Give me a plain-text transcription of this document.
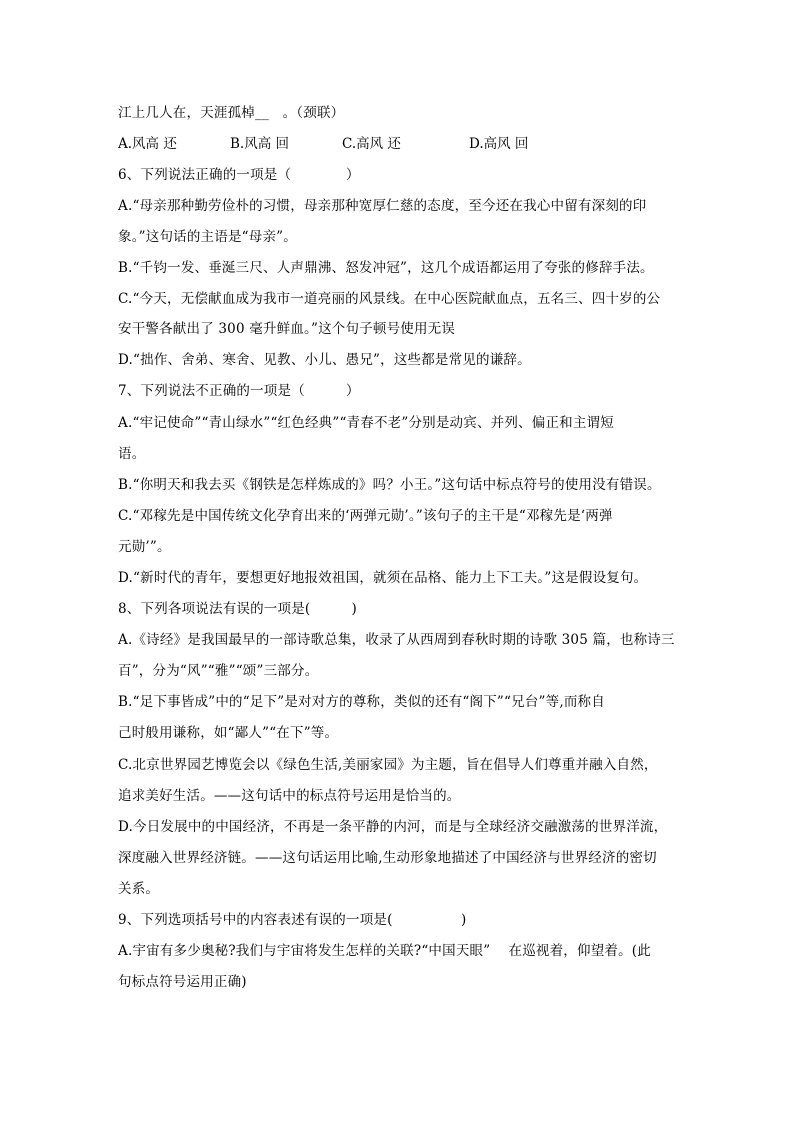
江上几人在，天涯孤棹__　。（颈联）
A.风高 还	B.风高 回	C.高风 还	D.高风 回
6、下列说法正确的一项是（　　　　）
A.“母亲那种勤劳俭朴的习惯，母亲那种宽厚仁慈的态度，至今还在我心中留有深刻的印
象。”这句话的主语是“母亲”。
B.“千钧一发、垂涎三尺、人声鼎沸、怒发冲冠”，这几个成语都运用了夸张的修辞手法。
C.“今天，无偿献血成为我市一道亮丽的风景线。在中心医院献血点，五名三、四十岁的公
安干警各献出了 300 毫升鲜血。”这个句子顿号使用无误
D.“拙作、舍弟、寒舍、见教、小儿、愚兄”，这些都是常见的谦辞。
7、下列说法不正确的一项是（　　　）
A.“牢记使命”“青山绿水”“红色经典”“青春不老”分别是动宾、并列、偏正和主谓短
语。
B.“你明天和我去买《钢铁是怎样炼成的》吗？小王。”这句话中标点符号的使用没有错误。
C.“邓稼先是中国传统文化孕育出来的‘两弹元勋’。”该句子的主干是“邓稼先是‘两弹
元勋’”。
D.“新时代的青年，要想更好地报效祖国，就须在品格、能力上下工夫。”这是假设复句。
8、下列各项说法有误的一项是(　　　)
A.《诗经》是我国最早的一部诗歌总集，收录了从西周到春秋时期的诗歌 305 篇，也称诗三
百”，分为“风”“雅”“颂”三部分。
B.“足下事皆成”中的“足下”是对对方的尊称，类似的还有“阁下”“兄台”等,而称自
己时般用谦称，如“鄙人”“在下”等。
C.北京世界园艺博览会以《绿色生活,美丽家园》为主题，旨在倡导人们尊重并融入自然，
追求美好生活。——这句话中的标点符号运用是恰当的。
D.今日发展中的中国经济，不再是一条平静的内河，而是与全球经济交融激荡的世界洋流，
深度融入世界经济链。——这句话运用比喻,生动形象地描述了中国经济与世界经济的密切
关系。
9、下列选项括号中的内容表述有误的一项是(　　　　　)
A.宇宙有多少奥秘?我们与宇宙将发生怎样的关联?“中国天眼”　 在巡视着，仰望着。(此
句标点符号运用正确)
